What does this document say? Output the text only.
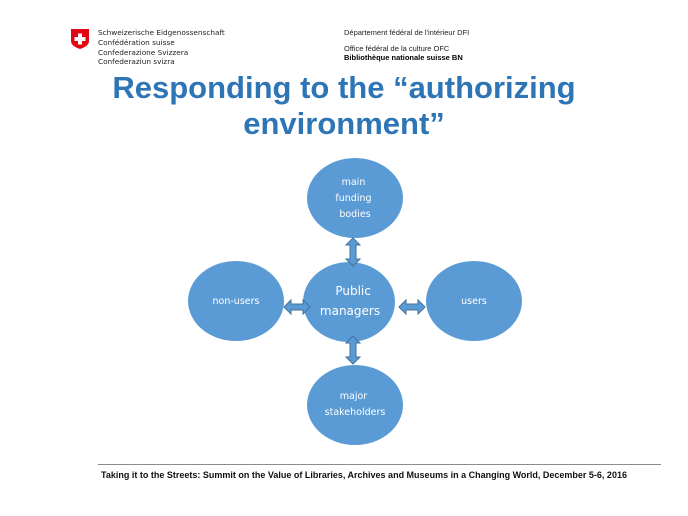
Schweizerische Eidgenossenschaft
Confédération suisse
Confederazione Svizzera
Confederaziun svizra
Département fédéral de l'intérieur DFI
Office fédéral de la culture OFC
Bibliothèque nationale suisse BN
Responding to the “authorizing
environment”
main funding bodies
non-users
Public managers
users
major stakeholders
Taking it to the Streets: Summit on the Value of Libraries, Archives and Museums in a Changing World, December 5-6, 2016
